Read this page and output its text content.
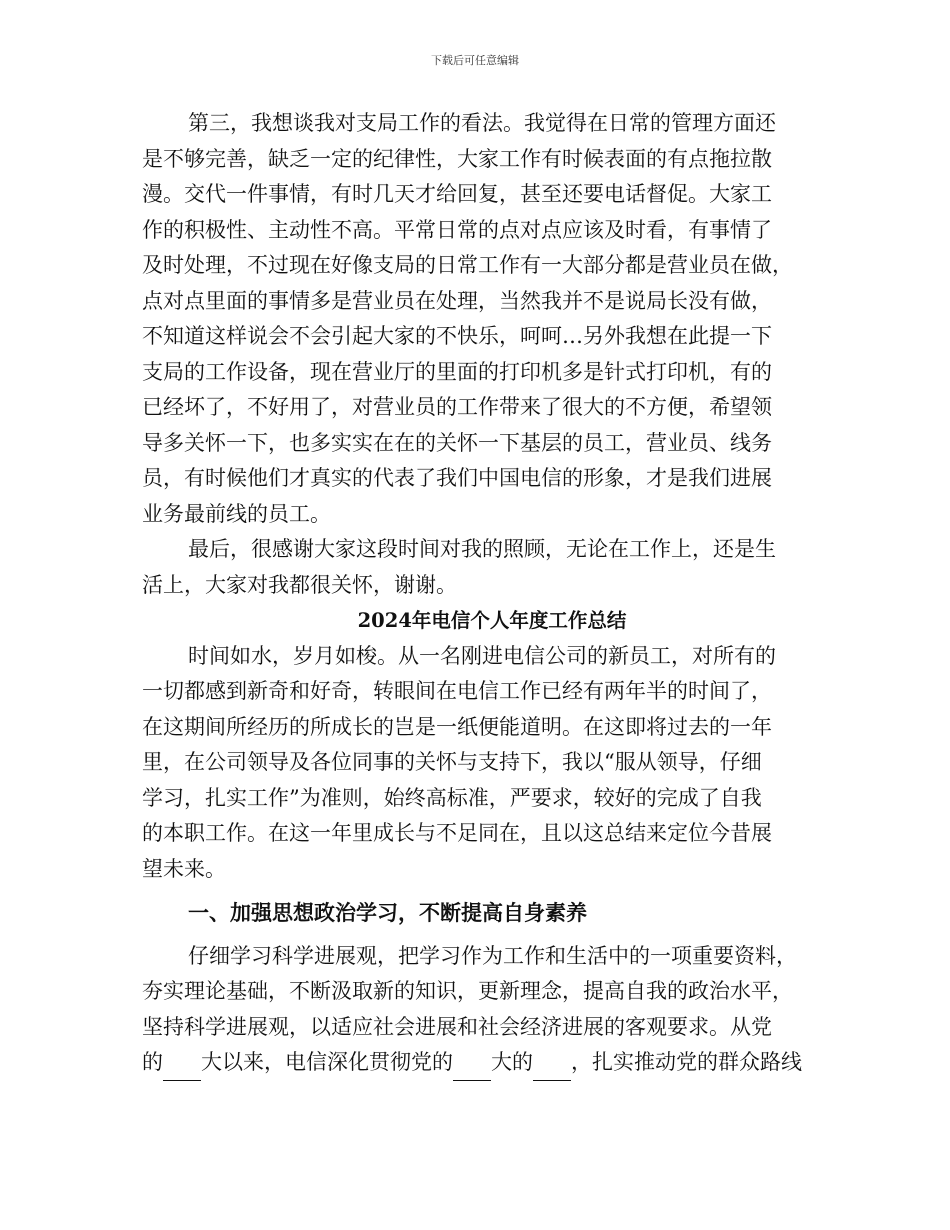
下载后可任意编辑
第三，我想谈我对支局工作的看法。我觉得在日常的管理方面还
是不够完善，缺乏一定的纪律性，大家工作有时候表面的有点拖拉散
漫。交代一件事情，有时几天才给回复，甚至还要电话督促。大家工
作的积极性、主动性不高。平常日常的点对点应该及时看，有事情了
及时处理，不过现在好像支局的日常工作有一大部分都是营业员在做，
点对点里面的事情多是营业员在处理，当然我并不是说局长没有做，
不知道这样说会不会引起大家的不快乐，呵呵…另外我想在此提一下
支局的工作设备，现在营业厅的里面的打印机多是针式打印机，有的
已经坏了，不好用了，对营业员的工作带来了很大的不方便，希望领
导多关怀一下，也多实实在在的关怀一下基层的员工，营业员、线务
员，有时候他们才真实的代表了我们中国电信的形象，才是我们进展
业务最前线的员工。
最后，很感谢大家这段时间对我的照顾，无论在工作上，还是生
活上，大家对我都很关怀，谢谢。
2024年电信个人年度工作总结
时间如水，岁月如梭。从一名刚进电信公司的新员工，对所有的
一切都感到新奇和好奇，转眼间在电信工作已经有两年半的时间了，
在这期间所经历的所成长的岂是一纸便能道明。在这即将过去的一年
里，在公司领导及各位同事的关怀与支持下，我以“服从领导，仔细
学习，扎实工作”为准则，始终高标准，严要求，较好的完成了自我
的本职工作。在这一年里成长与不足同在，且以这总结来定位今昔展
望未来。
一、加强思想政治学习，不断提高自身素养
仔细学习科学进展观，把学习作为工作和生活中的一项重要资料，
夯实理论基础，不断汲取新的知识，更新理念，提高自我的政治水平，
坚持科学进展观，以适应社会进展和社会经济进展的客观要求。从党
的 大以来，电信深化贯彻党的 大的 ，扎实推动党的群众路线
